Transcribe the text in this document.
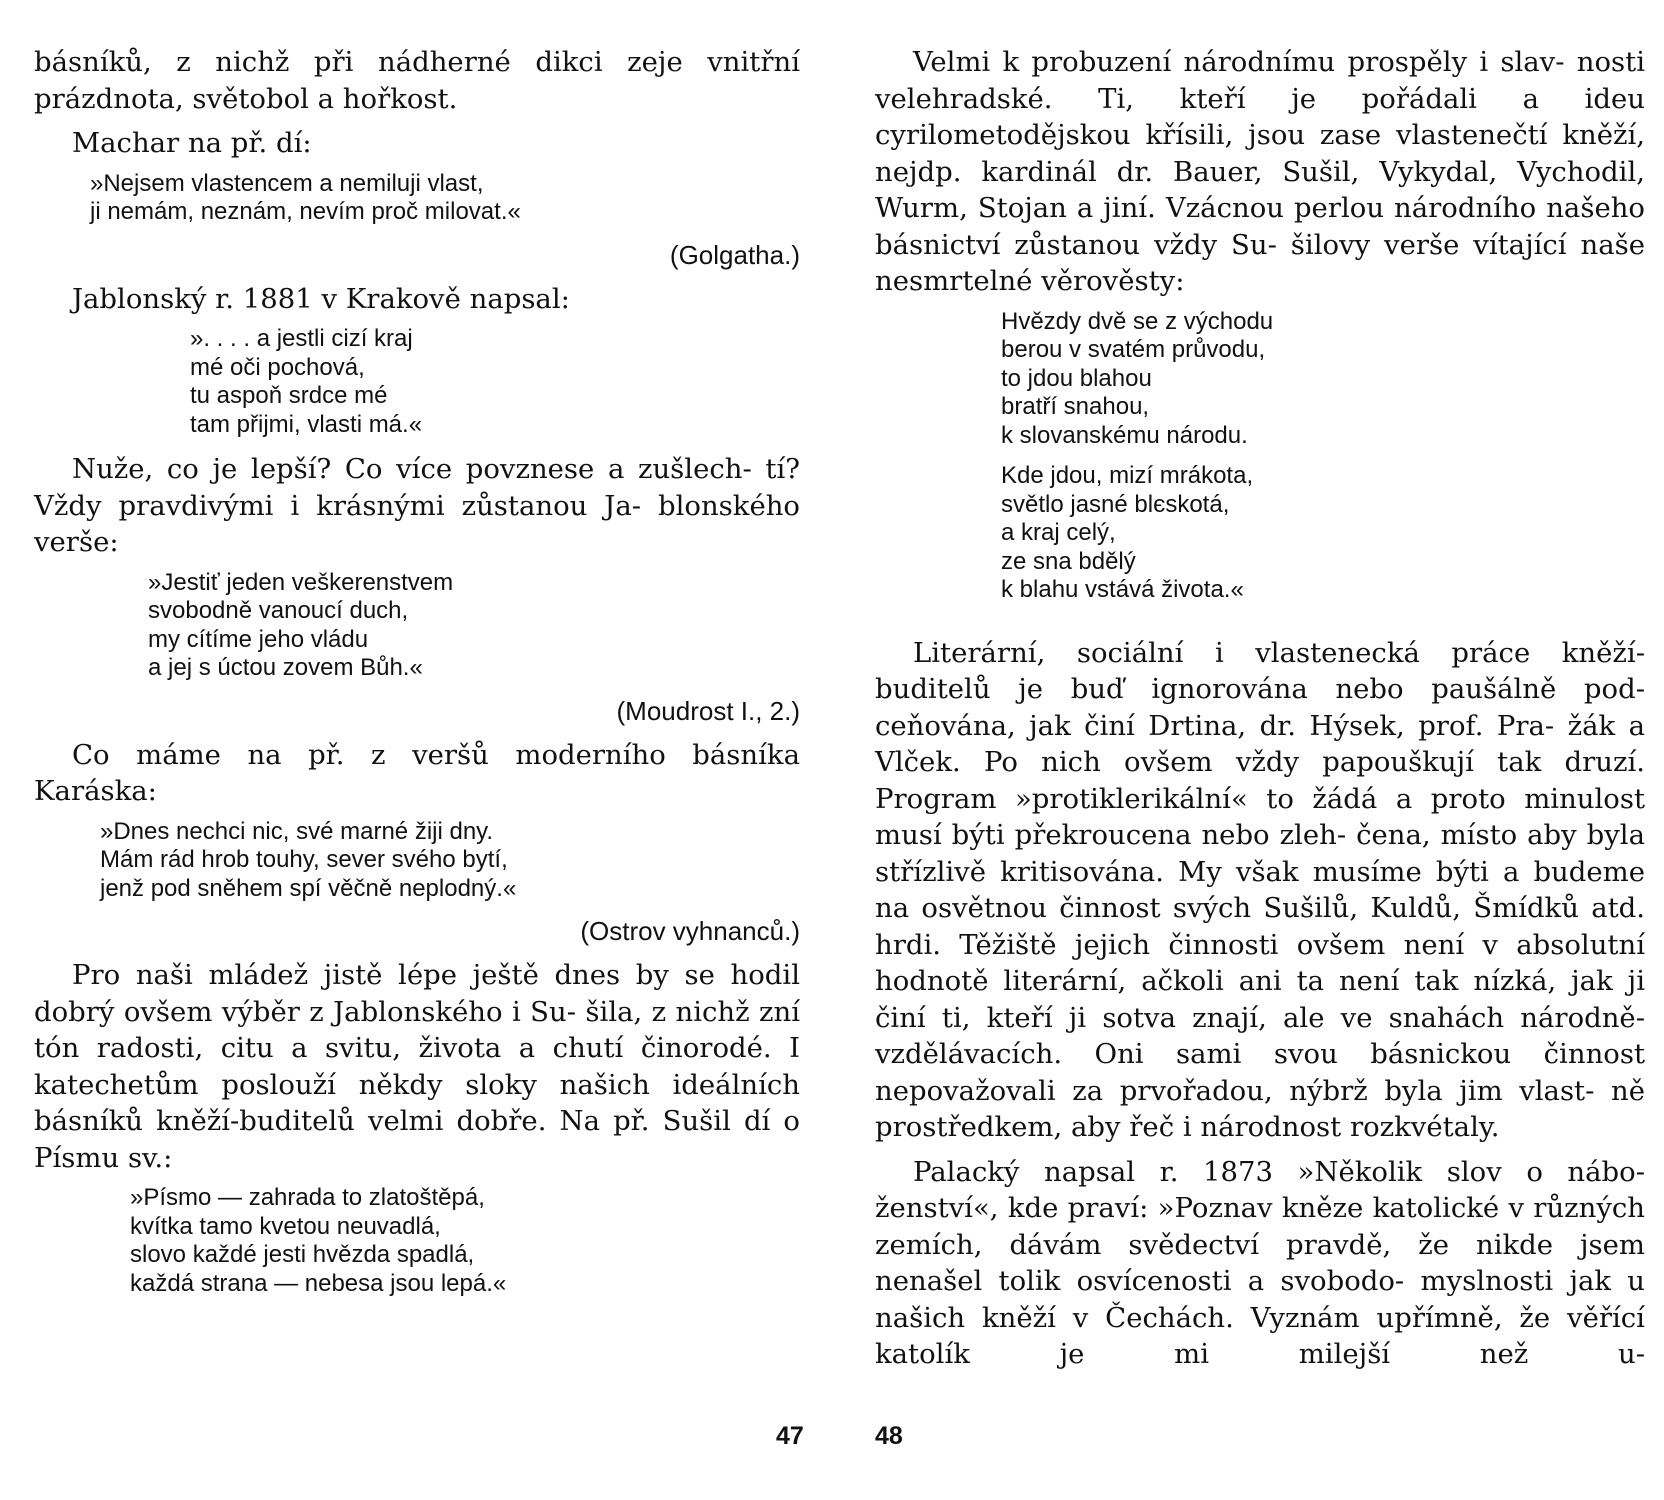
básníků, z nichž při nádherné dikci zeje vnitřní prázdnota, světobol a hořkost.

Machar na př. dí:

»Nejsem vlastencem a nemiluji vlast,
ji nemám, neznám, nevím proč milovat.«
(Golgatha.)

Jablonský r. 1881 v Krakově napsal:

». . . . a jestli cizí kraj
mé oči pochová,
tu aspoň srdce mé
tam přijmi, vlasti má.«

Nuže, co je lepší? Co více povznese a zušlech- tí? Vždy pravdivými i krásnými zůstanou Ja- blonského verše:

»Jestiť jeden veškerenstvem
svobodně vanoucí duch,
my cítíme jeho vládu
a jej s úctou zovem Bůh.«
(Moudrost I., 2.)

Co máme na př. z veršů moderního básníka Karáska:

»Dnes nechci nic, své marné žiji dny.
Mám rád hrob touhy, sever svého bytí,
jenž pod sněhem spí věčně neplodný.«
(Ostrov vyhnanců.)

Pro naši mládež jistě lépe ještě dnes by se hodil dobrý ovšem výběr z Jablonského i Su- šila, z nichž zní tón radosti, citu a svitu, života a chutí činorodé. I katechetům poslouží někdy sloky našich ideálních básníků kněží-buditelů velmi dobře. Na př. Sušil dí o Písmu sv.:

»Písmo — zahrada to zlatoštěpá,
kvítka tamo kvetou neuvadlá,
slovo každé jesti hvězda spadlá,
každá strana — nebesa jsou lepá.«
47

Velmi k probuzení národnímu prospěly i slav- nosti velehradské. Ti, kteří je pořádali a ideu cyrilometodějskou křísili, jsou zase vlastenečtí kněží, nejdp. kardinál dr. Bauer, Sušil, Vykydal, Vychodil, Wurm, Stojan a jiní. Vzácnou perlou národního našeho básnictví zůstanou vždy Su- šilovy verše vítající naše nesmrtelné věrověsty:

Hvězdy dvě se z východu
berou v svatém průvodu,
to jdou blahou
bratří snahou,
k slovanskému národu.
Kde jdou, mizí mrákota,
světlo jasné blєskotá,
a kraj celý,
ze sna bdělý
k blahu vstává života.«

Literární, sociální i vlastenecká práce kněží- buditelů je buď ignorována nebo paušálně pod- ceňována, jak činí Drtina, dr. Hýsek, prof. Pra- žák a Vlček. Po nich ovšem vždy papouškují tak druzí. Program »protiklerikální« to žádá a proto minulost musí býti překroucena nebo zleh- čena, místo aby byla střízlivě kritisována. My však musíme býti a budeme na osvětnou činnost svých Sušilů, Kuldů, Šmídků atd. hrdi. Těžiště jejich činnosti ovšem není v absolutní hodnotě literární, ačkoli ani ta není tak nízká, jak ji činí ti, kteří ji sotva znají, ale ve snahách národně- vzdělávacích. Oni sami svou básnickou činnost nepovažovali za prvořadou, nýbrž byla jim vlast- ně prostředkem, aby řeč i národnost rozkvétaly.

Palacký napsal r. 1873 »Několik slov o nábo- ženství«, kde praví: »Poznav kněze katolické v různých zemích, dávám svědectví pravdě, že nikde jsem nenašel tolik osvícenosti a svobodo- myslnosti jak u našich kněží v Čechách. Vyznám upřímně, že věřící katolík je mi milejší než u-

48
